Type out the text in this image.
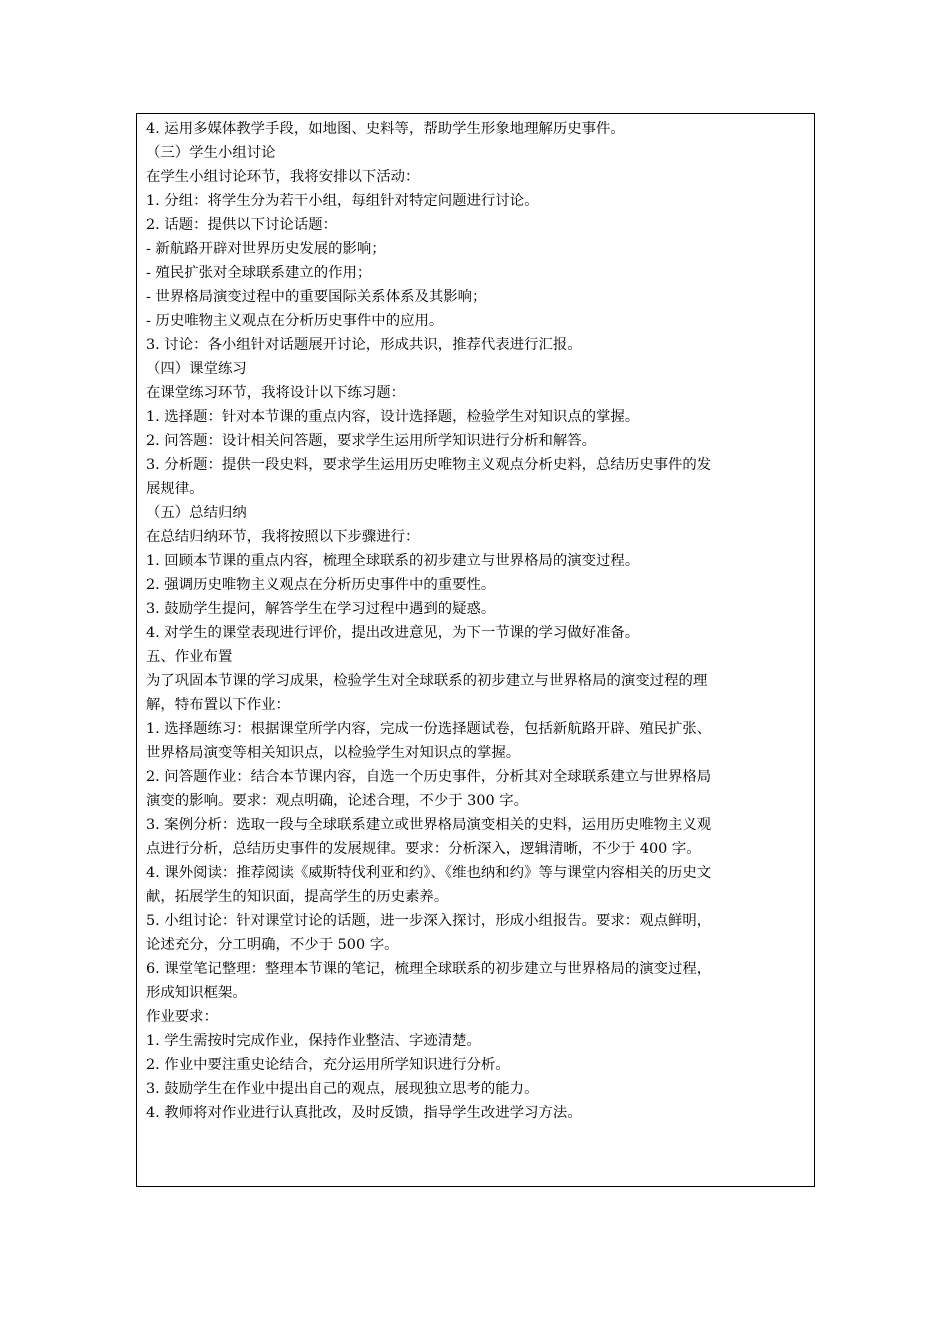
4. 运用多媒体教学手段，如地图、史料等，帮助学生形象地理解历史事件。
（三）学生小组讨论
在学生小组讨论环节，我将安排以下活动：
1. 分组：将学生分为若干小组，每组针对特定问题进行讨论。
2. 话题：提供以下讨论话题：
- 新航路开辟对世界历史发展的影响；
- 殖民扩张对全球联系建立的作用；
- 世界格局演变过程中的重要国际关系体系及其影响；
- 历史唯物主义观点在分析历史事件中的应用。
3. 讨论：各小组针对话题展开讨论，形成共识，推荐代表进行汇报。
（四）课堂练习
在课堂练习环节，我将设计以下练习题：
1. 选择题：针对本节课的重点内容，设计选择题，检验学生对知识点的掌握。
2. 问答题：设计相关问答题，要求学生运用所学知识进行分析和解答。
3. 分析题：提供一段史料，要求学生运用历史唯物主义观点分析史料，总结历史事件的发
展规律。
（五）总结归纳
在总结归纳环节，我将按照以下步骤进行：
1. 回顾本节课的重点内容，梳理全球联系的初步建立与世界格局的演变过程。
2. 强调历史唯物主义观点在分析历史事件中的重要性。
3. 鼓励学生提问，解答学生在学习过程中遇到的疑惑。
4. 对学生的课堂表现进行评价，提出改进意见，为下一节课的学习做好准备。
五、作业布置
为了巩固本节课的学习成果，检验学生对全球联系的初步建立与世界格局的演变过程的理
解，特布置以下作业：
1. 选择题练习：根据课堂所学内容，完成一份选择题试卷，包括新航路开辟、殖民扩张、
世界格局演变等相关知识点，以检验学生对知识点的掌握。
2. 问答题作业：结合本节课内容，自选一个历史事件，分析其对全球联系建立与世界格局
演变的影响。要求：观点明确，论述合理，不少于 300 字。
3. 案例分析：选取一段与全球联系建立或世界格局演变相关的史料，运用历史唯物主义观
点进行分析，总结历史事件的发展规律。要求：分析深入，逻辑清晰，不少于 400 字。
4. 课外阅读：推荐阅读《威斯特伐利亚和约》、《维也纳和约》等与课堂内容相关的历史文
献，拓展学生的知识面，提高学生的历史素养。
5. 小组讨论：针对课堂讨论的话题，进一步深入探讨，形成小组报告。要求：观点鲜明，
论述充分，分工明确，不少于 500 字。
6. 课堂笔记整理：整理本节课的笔记，梳理全球联系的初步建立与世界格局的演变过程，
形成知识框架。
作业要求：
1. 学生需按时完成作业，保持作业整洁、字迹清楚。
2. 作业中要注重史论结合，充分运用所学知识进行分析。
3. 鼓励学生在作业中提出自己的观点，展现独立思考的能力。
4. 教师将对作业进行认真批改，及时反馈，指导学生改进学习方法。
